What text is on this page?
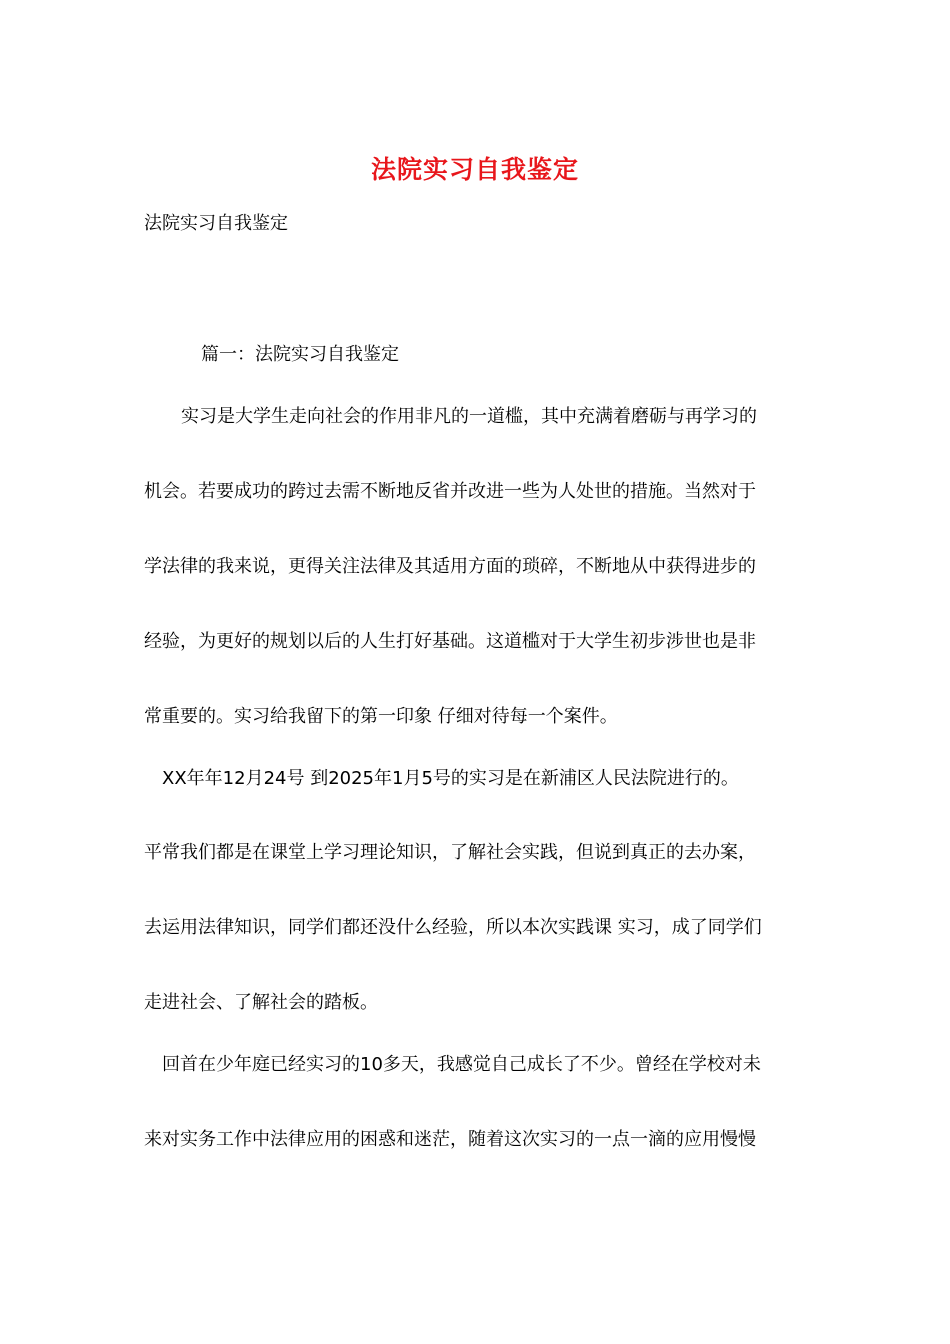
法院实习自我鉴定
法院实习自我鉴定
篇一：法院实习自我鉴定
实习是大学生走向社会的作用非凡的一道槛，其中充满着磨砺与再学习的
机会。若要成功的跨过去需不断地反省并改进一些为人处世的措施。当然对于
学法律的我来说，更得关注法律及其适用方面的琐碎，不断地从中获得进步的
经验，为更好的规划以后的人生打好基础。这道槛对于大学生初步涉世也是非
常重要的。实习给我留下的第一印象 仔细对待每一个案件。
XX年年12月24号 到2025年1月5号的实习是在新浦区人民法院进行的。
平常我们都是在课堂上学习理论知识，了解社会实践，但说到真正的去办案，
去运用法律知识，同学们都还没什么经验，所以本次实践课 实习，成了同学们
走进社会、了解社会的踏板。
回首在少年庭已经实习的10多天，我感觉自己成长了不少。曾经在学校对未
来对实务工作中法律应用的困惑和迷茫，随着这次实习的一点一滴的应用慢慢
